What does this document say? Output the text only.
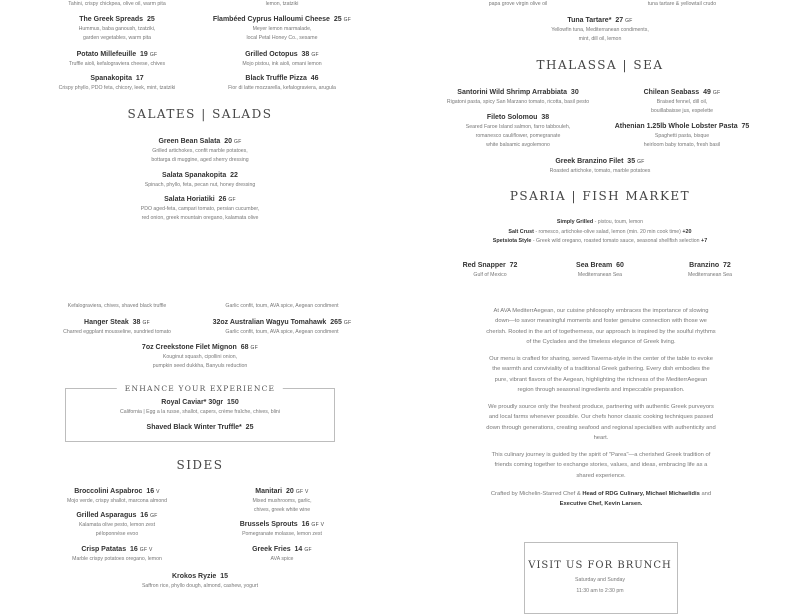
Tahini, crispy chickpea, olive oil, warm pita	lemon, tzatziki	papa grove virgin olive oil	tuna tartare & yellowtail crudo
The Greek Spreads 25
Hummus, baba ganoush, tzatziki,
garden vegetables, warm pita
Flambéed Cyprus Halloumi Cheese 25 GF
Meyer lemon marmalade,
local Petal Honey Co., sesame
Potato Millefeuille 19 GF
Truffle aioli, kefalograviera cheese, chives
Grilled Octopus 38 GF
Mojo pistou, ink aioli, omani lemon
Spanakopita 17
Crispy phyllo, PDO feta, chicory, leek, mint, tzatziki
Black Truffle Pizza 46
Fior di latte mozzarella, kefalograviera, arugula
Tuna Tartare* 27 GF
Yellowfin tuna, Mediterranean condiments,
mint, dill oil, lemon
SALATES | SALADS
Green Bean Salata 20 GF
Grilled artichokes, confit marble potatoes,
bottarga di muggine, aged sherry dressing
Salata Spanakopita 22
Spinach, phyllo, feta, pecan nut, honey dressing
Salata Horiatiki 26 GF
PDO aged-feta, campari tomato, persian cucumber,
red onion, greek mountain oregano, kalamata olive
THALASSA | SEA
Santorini Wild Shrimp Arrabbiata 30
Rigatoni pasta, spicy San Marzano tomato, ricotta, basil pesto
Chilean Seabass 49 GF
Braised fennel, dill oil,
bouillabaisse jus, espelette
Fileto Solomou 38
Seared Faroe Island salmon, farro tabbouleh,
romanesco cauliflower, pomegranate
white balsamic avgolemono
Athenian 1.25lb Whole Lobster Pasta 75
Spaghetti pasta, bisque
heirloom baby tomato, fresh basil
Greek Branzino Filet 35 GF
Roasted artichoke, tomato, marble potatoes
PSARIA | FISH MARKET
Simply Grilled - pistou, toum, lemon
Salt Crust - romesco, artichoke-olive salad, lemon (min. 20 min cook time) +20
Spetsiota Style - Greek wild oregano, roasted tomato sauce, seasonal shellfish selection +7
Red Snapper 72
Gulf of Mexico
Sea Bream 60
Mediterranean Sea
Branzino 72
Mediterranean Sea
Kefalograviera, chives, shaved black truffle	Garlic confit, toum, AVA spice, Aegean condiment
Hanger Steak 38 GF
Charred eggplant mousseline, sundried tomato
32oz Australian Wagyu Tomahawk 265 GF
Garlic confit, toum, AVA spice, Aegean condiment
7oz Creekstone Filet Mignon 68 GF
Kouginut squash, cipollini onion,
pumpkin seed dukkha, Banyuls reduction
ENHANCE YOUR EXPERIENCE
Royal Caviar* 30gr 150
California | Egg a la russe, shallot, capers, crème fraîche, chives, blini
Shaved Black Winter Truffle* 25
SIDES
Broccolini Aspabroc 16 V
Mojo verde, crispy shallot, marcona almond
Manitari 20 GF V
Mixed mushrooms, garlic,
chives, greek white wine
Grilled Asparagus 16 GF
Kalamata olive pesto, lemon zest
péloponnèse evoo
Brussels Sprouts 16 GF V
Pomegranate molasse, lemon zest
Crisp Patatas 16 GF V
Marble crispy potatoes oregano, lemon
Greek Fries 14 GF
AVA spice
Krokos Ryzie 15
Saffron rice, phyllo dough, almond, cashew, yogurt
At AVA MediterrAegean, our cuisine philosophy embraces the importance of slowing down—to savor meaningful moments and foster genuine connection with those we cherish. Rooted in the art of togetherness, our approach is inspired by the soulful rhythms of the Cyclades and the timeless elegance of Greek living.
Our menu is crafted for sharing, served Taverna-style in the center of the table to evoke the warmth and conviviality of a traditional Greek gathering. Every dish embodies the pure, vibrant flavors of the Aegean, highlighting the richness of the MediterrAegean region through seasonal ingredients and impeccable preparation.
We proudly source only the freshest produce, partnering with authentic Greek purveyors and local farms whenever possible. Our chefs honor classic cooking techniques passed down through generations, creating seafood and regional specialties with authenticity and heart.
This culinary journey is guided by the spirit of "Parea"—a cherished Greek tradition of friends coming together to exchange stories, values, and ideas, embracing life as a shared experience.
Crafted by Michelin-Starred Chef & Head of RDG Culinary, Michael Michaelidis and Executive Chef, Kevin Larsen.
VISIT US FOR BRUNCH
Saturday and Sunday
11:30 am to 2:30 pm
